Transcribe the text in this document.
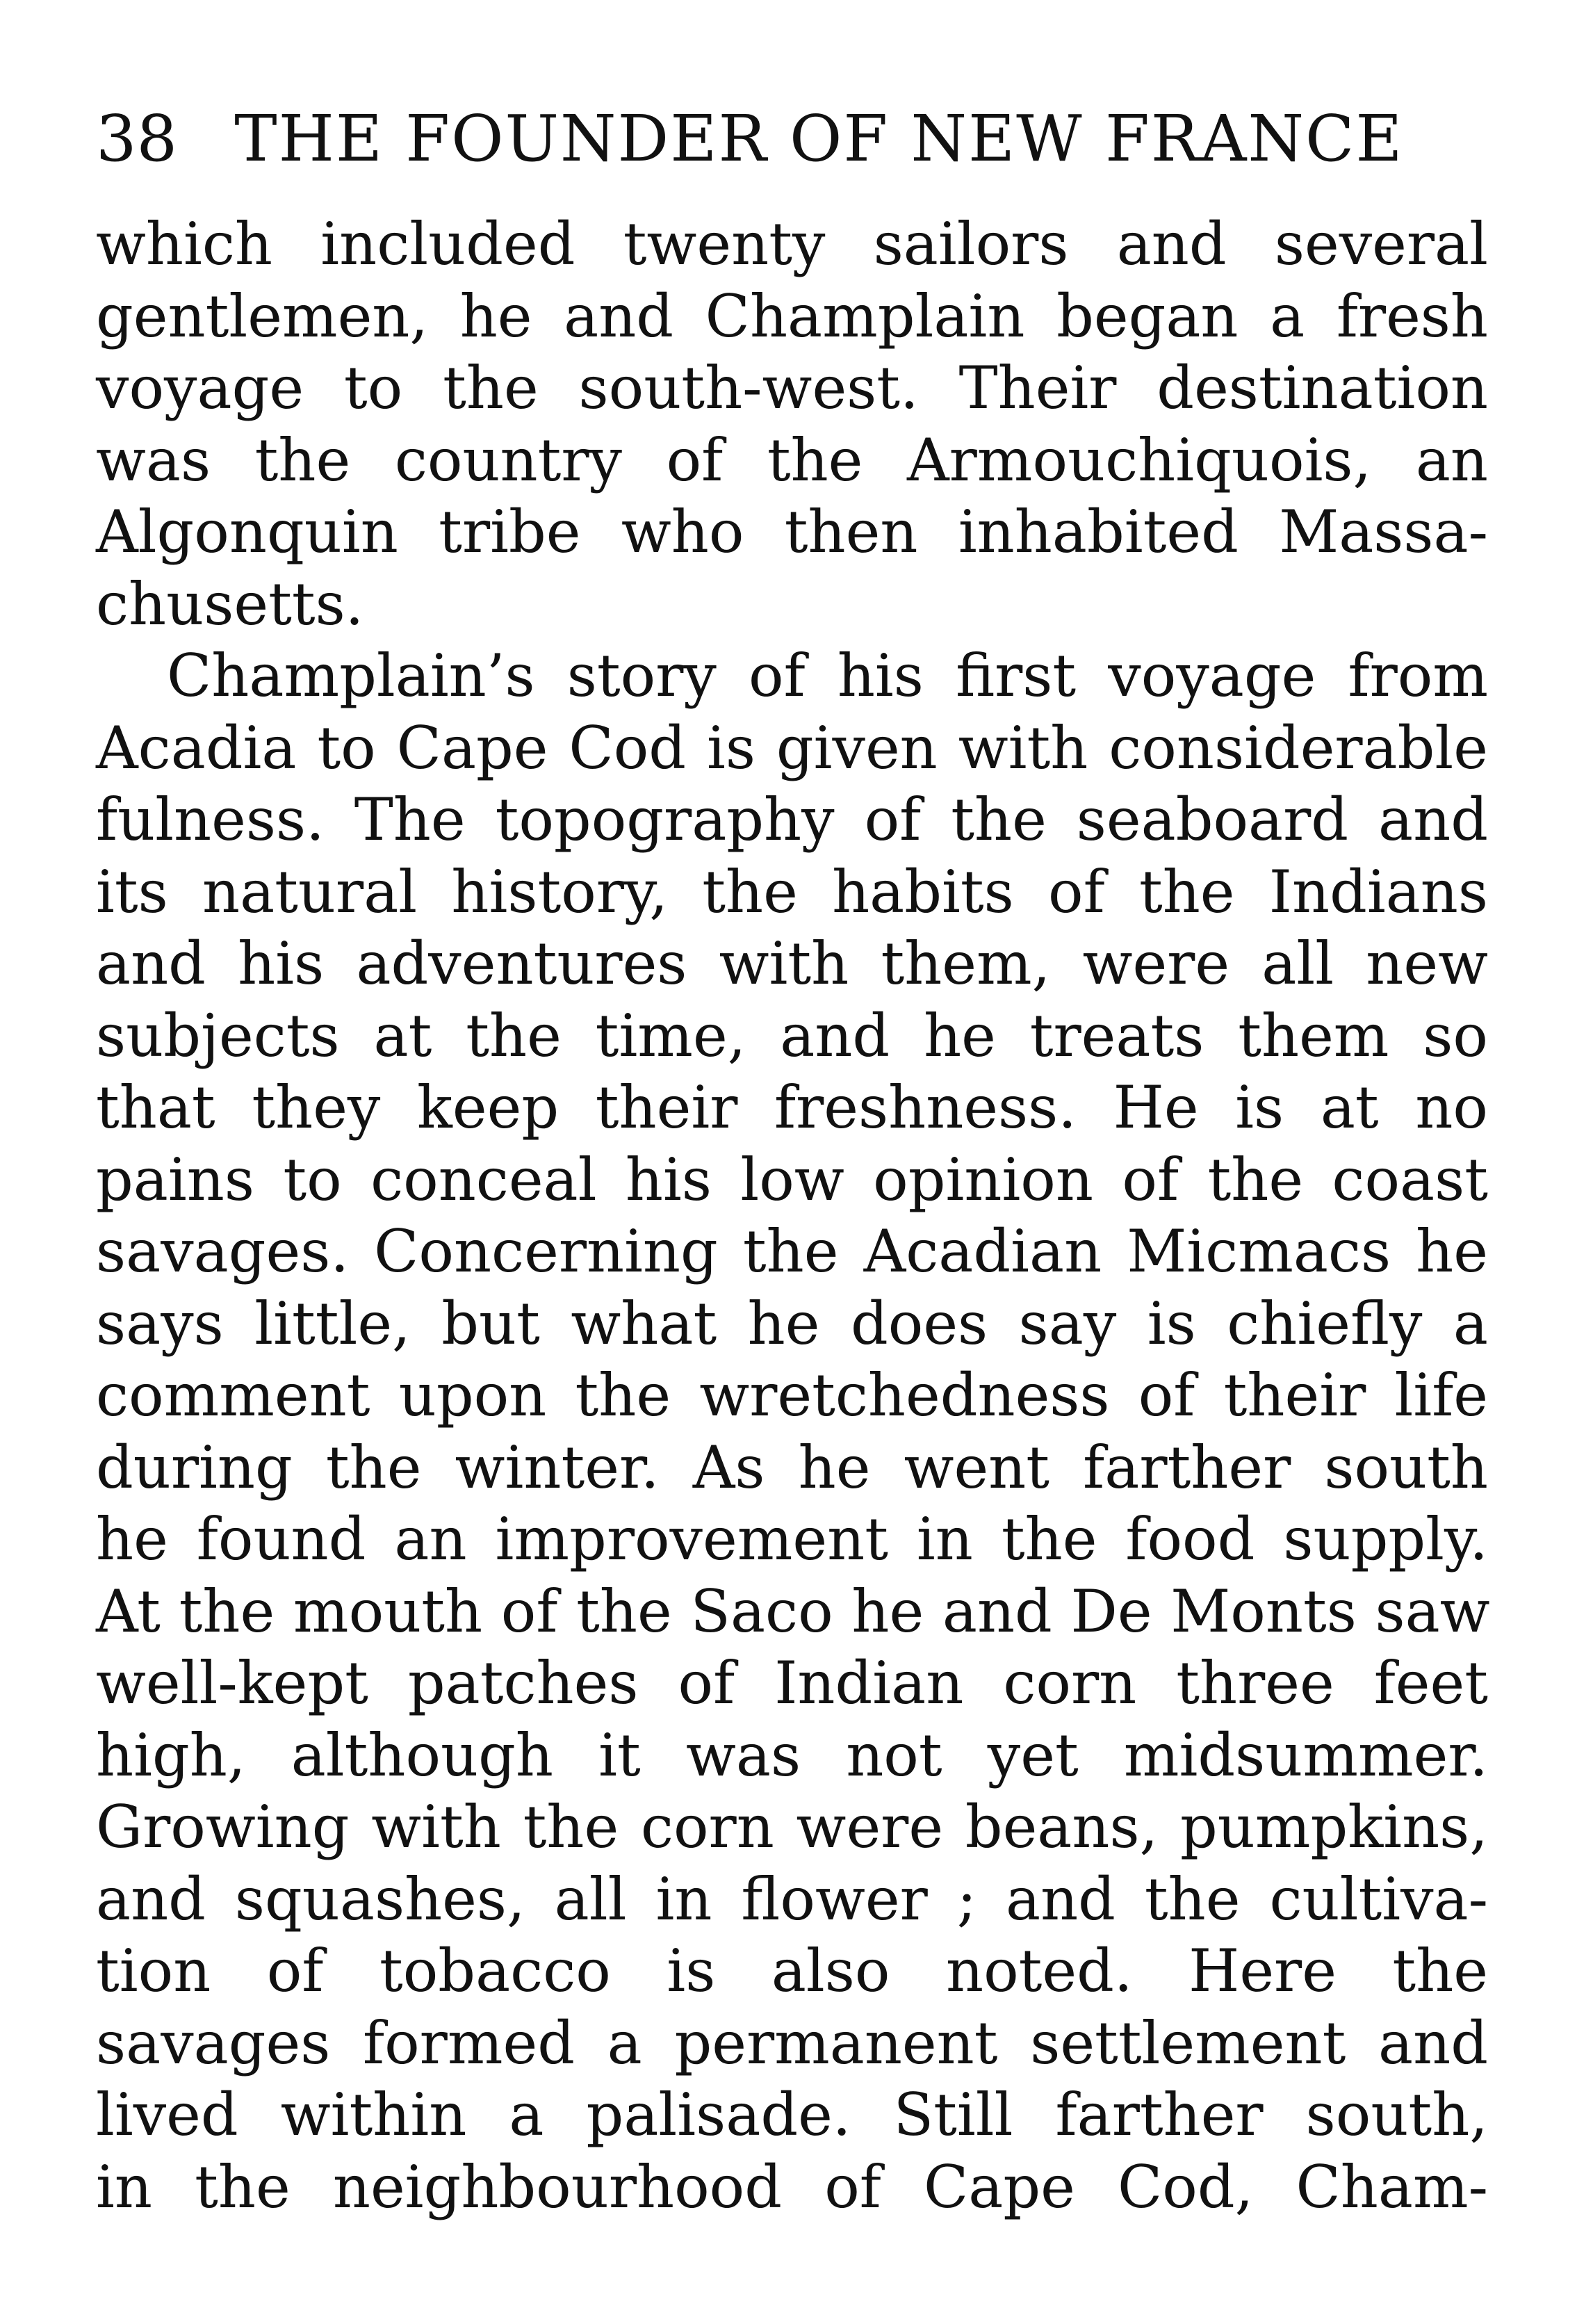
38 THE FOUNDER OF NEW FRANCE
which included twenty sailors and several
gentlemen, he and Champlain began a fresh
voyage to the south-west. Their destination
was the country of the Armouchiquois, an
Algonquin tribe who then inhabited Massa-
chusetts.
Champlain’s story of his first voyage from
Acadia to Cape Cod is given with considerable
fulness. The topography of the seaboard and
its natural history, the habits of the Indians
and his adventures with them, were all new
subjects at the time, and he treats them so
that they keep their freshness. He is at no
pains to conceal his low opinion of the coast
savages. Concerning the Acadian Micmacs he
says little, but what he does say is chiefly a
comment upon the wretchedness of their life
during the winter. As he went farther south
he found an improvement in the food supply.
At the mouth of the Saco he and De Monts saw
well-kept patches of Indian corn three feet
high, although it was not yet midsummer.
Growing with the corn were beans, pumpkins,
and squashes, all in flower ; and the cultiva-
tion of tobacco is also noted. Here the
savages formed a permanent settlement and
lived within a palisade. Still farther south,
in the neighbourhood of Cape Cod, Cham-
